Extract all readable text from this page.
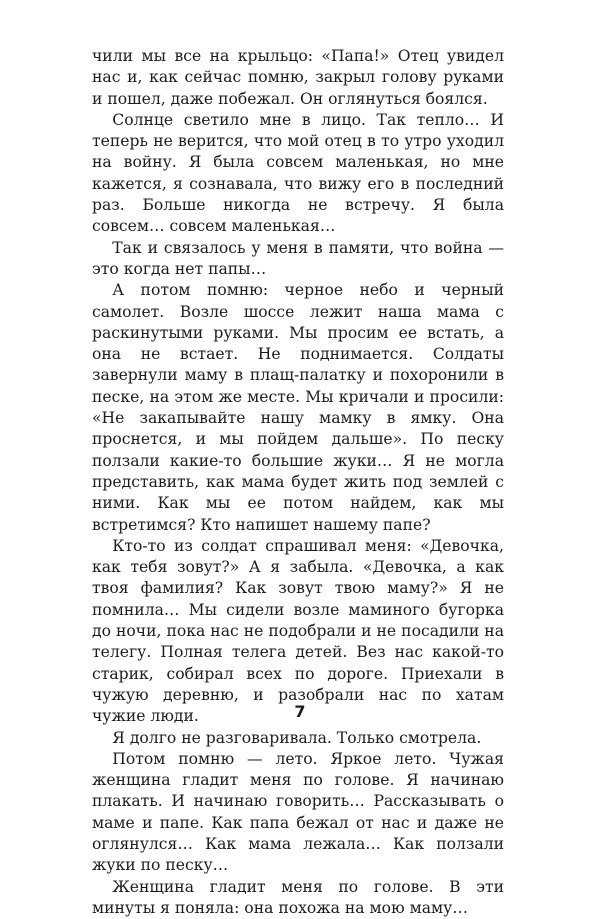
чили мы все на крыльцо: «Папа!» Отец увидел нас и, как сейчас помню, закрыл голову руками и пошел, даже побежал. Он оглянуться боялся.

Солнце светило мне в лицо. Так тепло… И теперь не верится, что мой отец в то утро уходил на войну. Я была совсем маленькая, но мне кажется, я сознавала, что вижу его в последний раз. Больше никогда не встречу. Я была совсем… совсем маленькая…

Так и связалось у меня в памяти, что война — это когда нет папы…

А потом помню: черное небо и черный самолет. Возле шоссе лежит наша мама с раскинутыми руками. Мы просим ее встать, а она не встает. Не поднимается. Солдаты завернули маму в плащ-палатку и похоронили в песке, на этом же месте. Мы кричали и просили: «Не закапывайте нашу мамку в ямку. Она проснется, и мы пойдем дальше». По песку ползали какие-то большие жуки… Я не могла представить, как мама будет жить под землей с ними. Как мы ее потом найдем, как мы встретимся? Кто напишет нашему папе?

Кто-то из солдат спрашивал меня: «Девочка, как тебя зовут?» А я забыла. «Девочка, а как твоя фамилия? Как зовут твою маму?» Я не помнила… Мы сидели возле маминого бугорка до ночи, пока нас не подобрали и не посадили на телегу. Полная телега детей. Вез нас какой-то старик, собирал всех по дороге. Приехали в чужую деревню, и разобрали нас по хатам чужие люди.

Я долго не разговаривала. Только смотрела.

Потом помню — лето. Яркое лето. Чужая женщина гладит меня по голове. Я начинаю плакать. И начинаю говорить… Рассказывать о маме и папе. Как папа бежал от нас и даже не оглянулся… Как мама лежала… Как ползали жуки по песку…

Женщина гладит меня по голове. В эти минуты я поняла: она похожа на мою маму…

7
